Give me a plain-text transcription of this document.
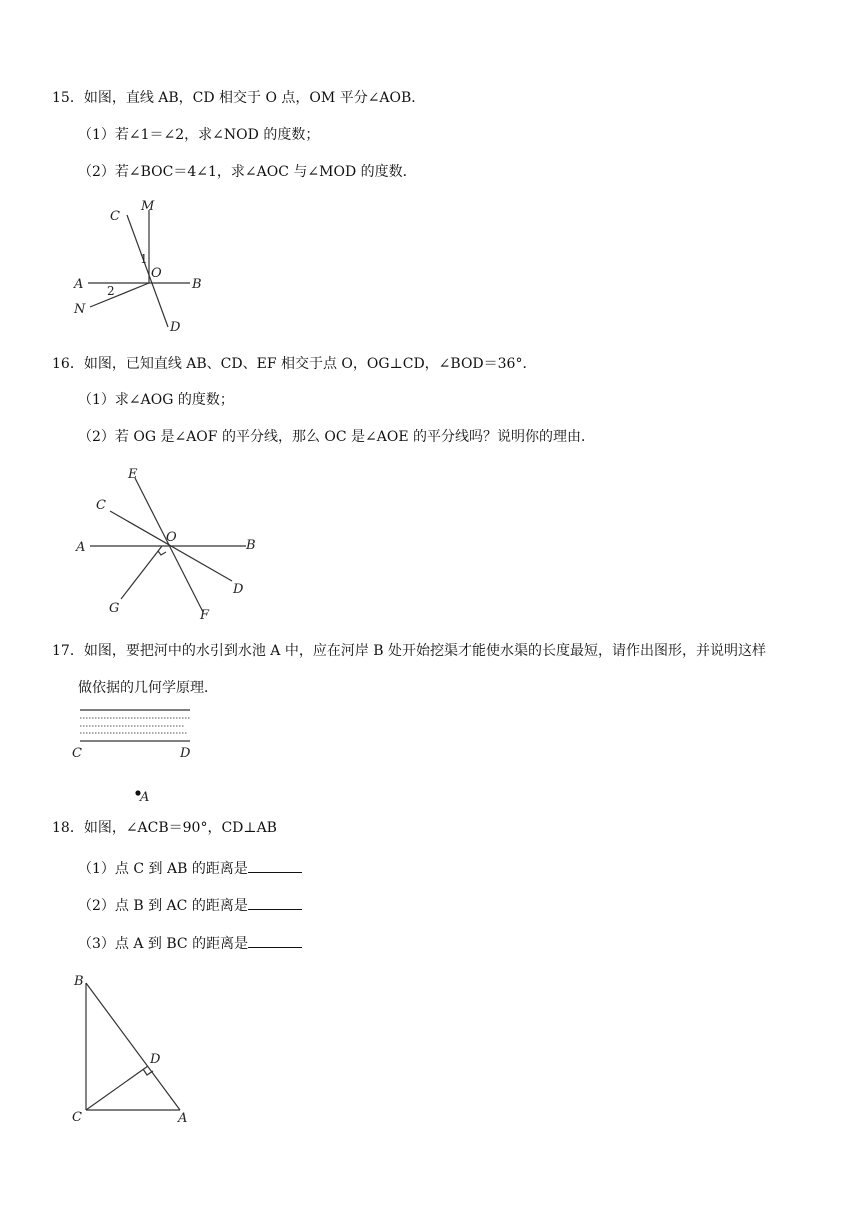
15．如图，直线 AB，CD 相交于 O 点，OM 平分∠AOB．
（1）若∠1＝∠2，求∠NOD 的度数；
（2）若∠BOC＝4∠1，求∠AOC 与∠MOD 的度数．
C
M
1
O
A 2	B
N
D
16．如图，已知直线 AB、CD、EF 相交于点 O，OG⊥CD，∠BOD＝36°．
（1）求∠AOG 的度数；
（2）若 OG 是∠AOF 的平分线，那么 OC 是∠AOE 的平分线吗？说明你的理由．
E
C
O
A	B
D
G	F
17．如图，要把河中的水引到水池 A 中，应在河岸 B 处开始挖渠才能使水渠的长度最短，请作出图形，并说明这样
做依据的几何学原理．
C	D
A
18．如图，∠ACB＝90°，CD⊥AB
（1）点 C 到 AB 的距离是
（2）点 B 到 AC 的距离是
（3）点 A 到 BC 的距离是
B
D
C	A
